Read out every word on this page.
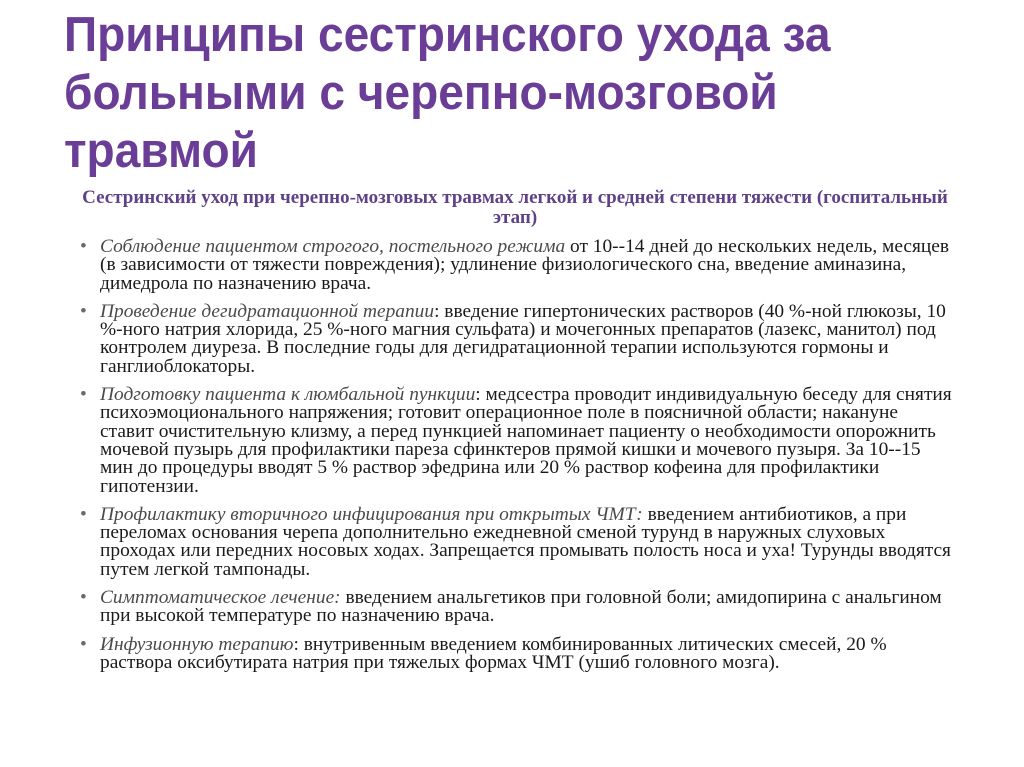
Принципы сестринского ухода за больными с черепно-мозговой травмой

Сестринский уход при черепно-мозговых травмах легкой и средней степени тяжести (госпитальный этап)

• Соблюдение пациентом строгого, постельного режима от 10--14 дней до нескольких недель, месяцев (в зависимости от тяжести повреждения); удлинение физиологического сна, введение аминазина, димедрола по назначению врача.
• Проведение дегидратационной терапии: введение гипертонических растворов (40 %-ной глюкозы, 10 %-ного натрия хлорида, 25 %-ного магния сульфата) и мочегонных препаратов (лазекс, манитол) под контролем диуреза. В последние годы для дегидратационной терапии используются гормоны и ганглиоблокаторы.
• Подготовку пациента к люмбальной пункции: медсестра проводит индивидуальную беседу для снятия психоэмоционального напряжения; готовит операционное поле в поясничной области; накануне ставит очистительную клизму, а перед пункцией напоминает пациенту о необходимости опорожнить мочевой пузырь для профилактики пареза сфинктеров прямой кишки и мочевого пузыря. За 10--15 мин до процедуры вводят 5 % раствор эфедрина или 20 % раствор кофеина для профилактики гипотензии.
• Профилактику вторичного инфицирования при открытых ЧМТ: введением антибиотиков, а при переломах основания черепа дополнительно ежедневной сменой турунд в наружных слуховых проходах или передних носовых ходах. Запрещается промывать полость носа и уха! Турунды вводятся путем легкой тампонады.
• Симптоматическое лечение: введением анальгетиков при головной боли; амидопирина с анальгином при высокой температуре по назначению врача.
• Инфузионную терапию: внутривенным введением комбинированных литических смесей, 20 % раствора оксибутирата натрия при тяжелых формах ЧМТ (ушиб головного мозга).
